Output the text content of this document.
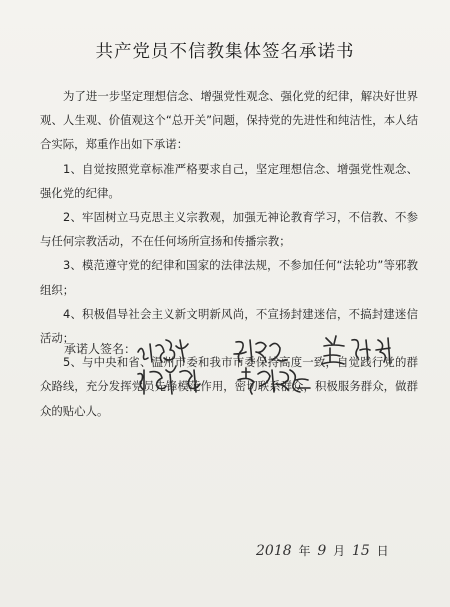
共产党员不信教集体签名承诺书

为了进一步坚定理想信念、增强党性观念、强化党的纪律，解决好世界观、人生观、价值观这个“总开关”问题，保持党的先进性和纯洁性，本人结合实际，郑重作出如下承诺：

1、自觉按照党章标准严格要求自己，坚定理想信念、增强党性观念、强化党的纪律。

2、牢固树立马克思主义宗教观，加强无神论教育学习，不信教、不参与任何宗教活动，不在任何场所宣扬和传播宗教；

3、模范遵守党的纪律和国家的法律法规，不参加任何“法轮功”等邪教组织；

4、积极倡导社会主义新文明新风尚，不宣扬封建迷信，不搞封建迷信活动；

5、与中央和省、温州市委和我市市委保持高度一致，自觉践行党的群众路线，充分发挥党员先锋模范作用，密切联系群众，积极服务群众，做群众的贴心人。

承诺人签名：
2018 年 9 月 15 日
